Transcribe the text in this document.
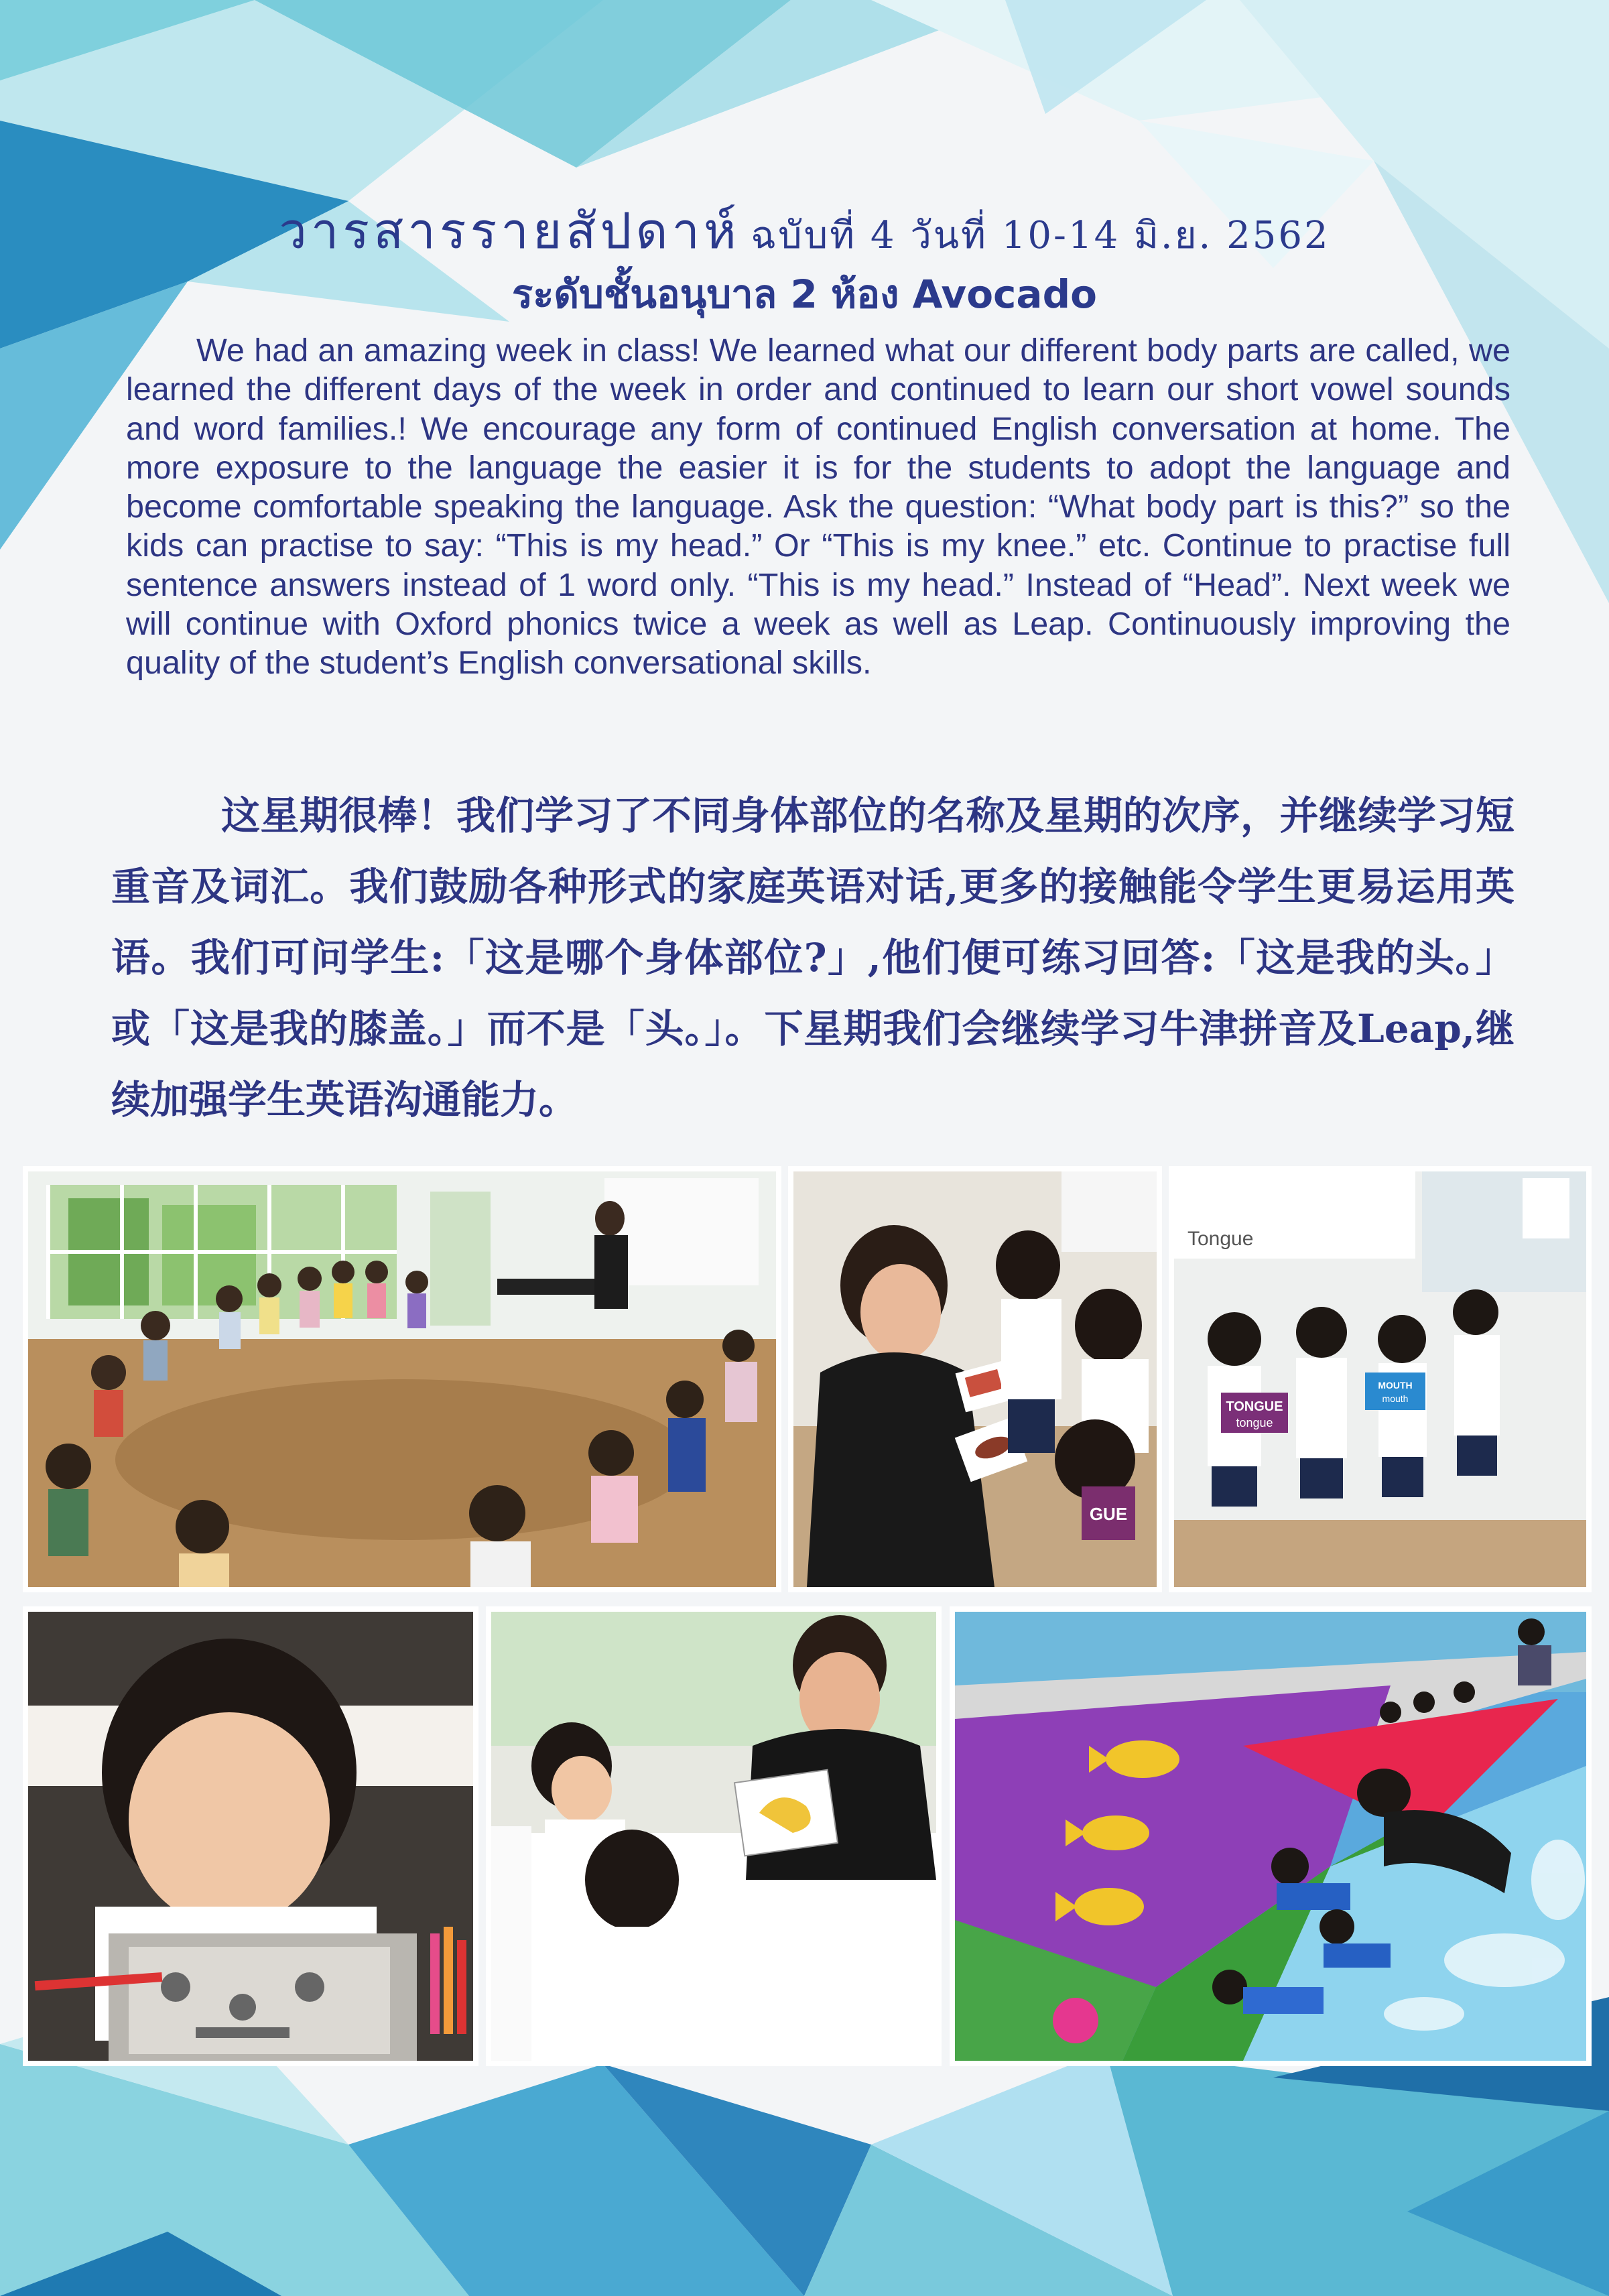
วารสารรายสัปดาห์ ฉบับที่ 4 วันที่ 10-14 มิ.ย. 2562
ระดับชั้นอนุบาล 2 ห้อง Avocado

We had an amazing week in class! We learned what our different body parts are called, we learned the different days of the week in order and continued to learn our short vowel sounds and word families.! We encourage any form of continued English conversation at home. The more exposure to the language the easier it is for the students to adopt the language and become comfortable speaking the language. Ask the question: “What body part is this?” so the kids can practise to say: “This is my head.” Or “This is my knee.” etc. Continue to practise full sentence answers instead of 1 word only. “This is my head.” Instead of “Head”. Next week we will continue with Oxford phonics twice a week as well as Leap. Continuously improving the quality of the student’s English conversational skills.

这星期很棒！我们学习了不同身体部位的名称及星期的次序，并继续学习短重音及词汇。我们鼓励各种形式的家庭英语对话,更多的接触能令学生更易运用英语。我们可问学生:「这是哪个身体部位?」,他们便可练习回答:「这是我的头。」或「这是我的膝盖。」而不是「头。」。下星期我们会继续学习牛津拼音及Leap,继续加强学生英语沟通能力。

GUE
Tongue
TONGUE
tongue
MOUTH
mouth
